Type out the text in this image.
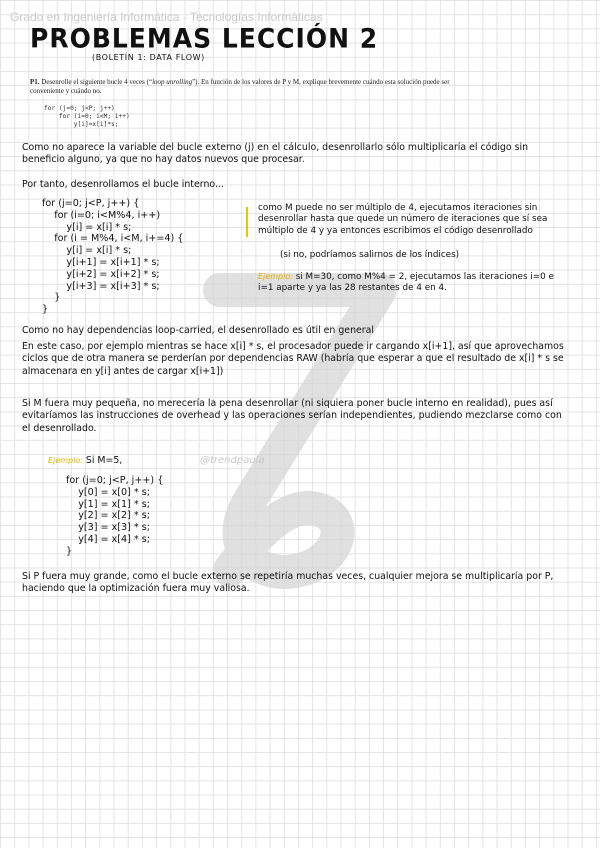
Grado en Ingeniería Informática - Tecnologías Informáticas
PROBLEMAS LECCIÓN 2
(BOLETÍN 1: DATA FLOW)

P1. Desenrolle el siguiente bucle 4 veces (“loop unrolling”). En función de los valores de P y M, explique brevemente cuándo esta solución puede ser conveniente y cuándo no.

for (j=0; j<P; j++)
for (i=0; i<M; i++)
y[i]=x[i]*s;

Como no aparece la variable del bucle externo (j) en el cálculo, desenrollarlo sólo multiplicaría el código sin beneficio alguno, ya que no hay datos nuevos que procesar.

Por tanto, desenrollamos el bucle interno...

for (j=0; j<P, j++) {
for (i=0; i<M%4, i++)
y[i] = x[i] * s;
for (i = M%4, i<M, i+=4) {
y[i] = x[i] * s;
y[i+1] = x[i+1] * s;
y[i+2] = x[i+2] * s;
y[i+3] = x[i+3] * s;
}
}

como M puede no ser múltiplo de 4, ejecutamos iteraciones sin desenrollar hasta que quede un número de iteraciones que sí sea múltiplo de 4 y ya entonces escribimos el código desenrollado

(si no, podríamos salirnos de los índices)

Ejemplo: si M=30, como M%4 = 2, ejecutamos las iteraciones i=0 e i=1 aparte y ya las 28 restantes de 4 en 4.

Como no hay dependencias loop-carried, el desenrollado es útil en general

En este caso, por ejemplo mientras se hace x[i] * s, el procesador puede ir cargando x[i+1], así que aprovechamos ciclos que de otra manera se perderían por dependencias RAW (habría que esperar a que el resultado de x[i] * s se almacenara en y[i] antes de cargar x[i+1])

Si M fuera muy pequeña, no merecería la pena desenrollar (ni siquiera poner bucle interno en realidad), pues así evitaríamos las instrucciones de overhead y las operaciones serían independientes, pudiendo mezclarse como con el desenrollado.

Ejemplo: Si M=5,	@trendpaula
for (j=0; j<P, j++) {
y[0] = x[0] * s;
y[1] = x[1] * s;
y[2] = x[2] * s;
y[3] = x[3] * s;
y[4] = x[4] * s;
}

Si P fuera muy grande, como el bucle externo se repetiría muchas veces, cualquier mejora se multiplicaría por P, haciendo que la optimización fuera muy valiosa.
